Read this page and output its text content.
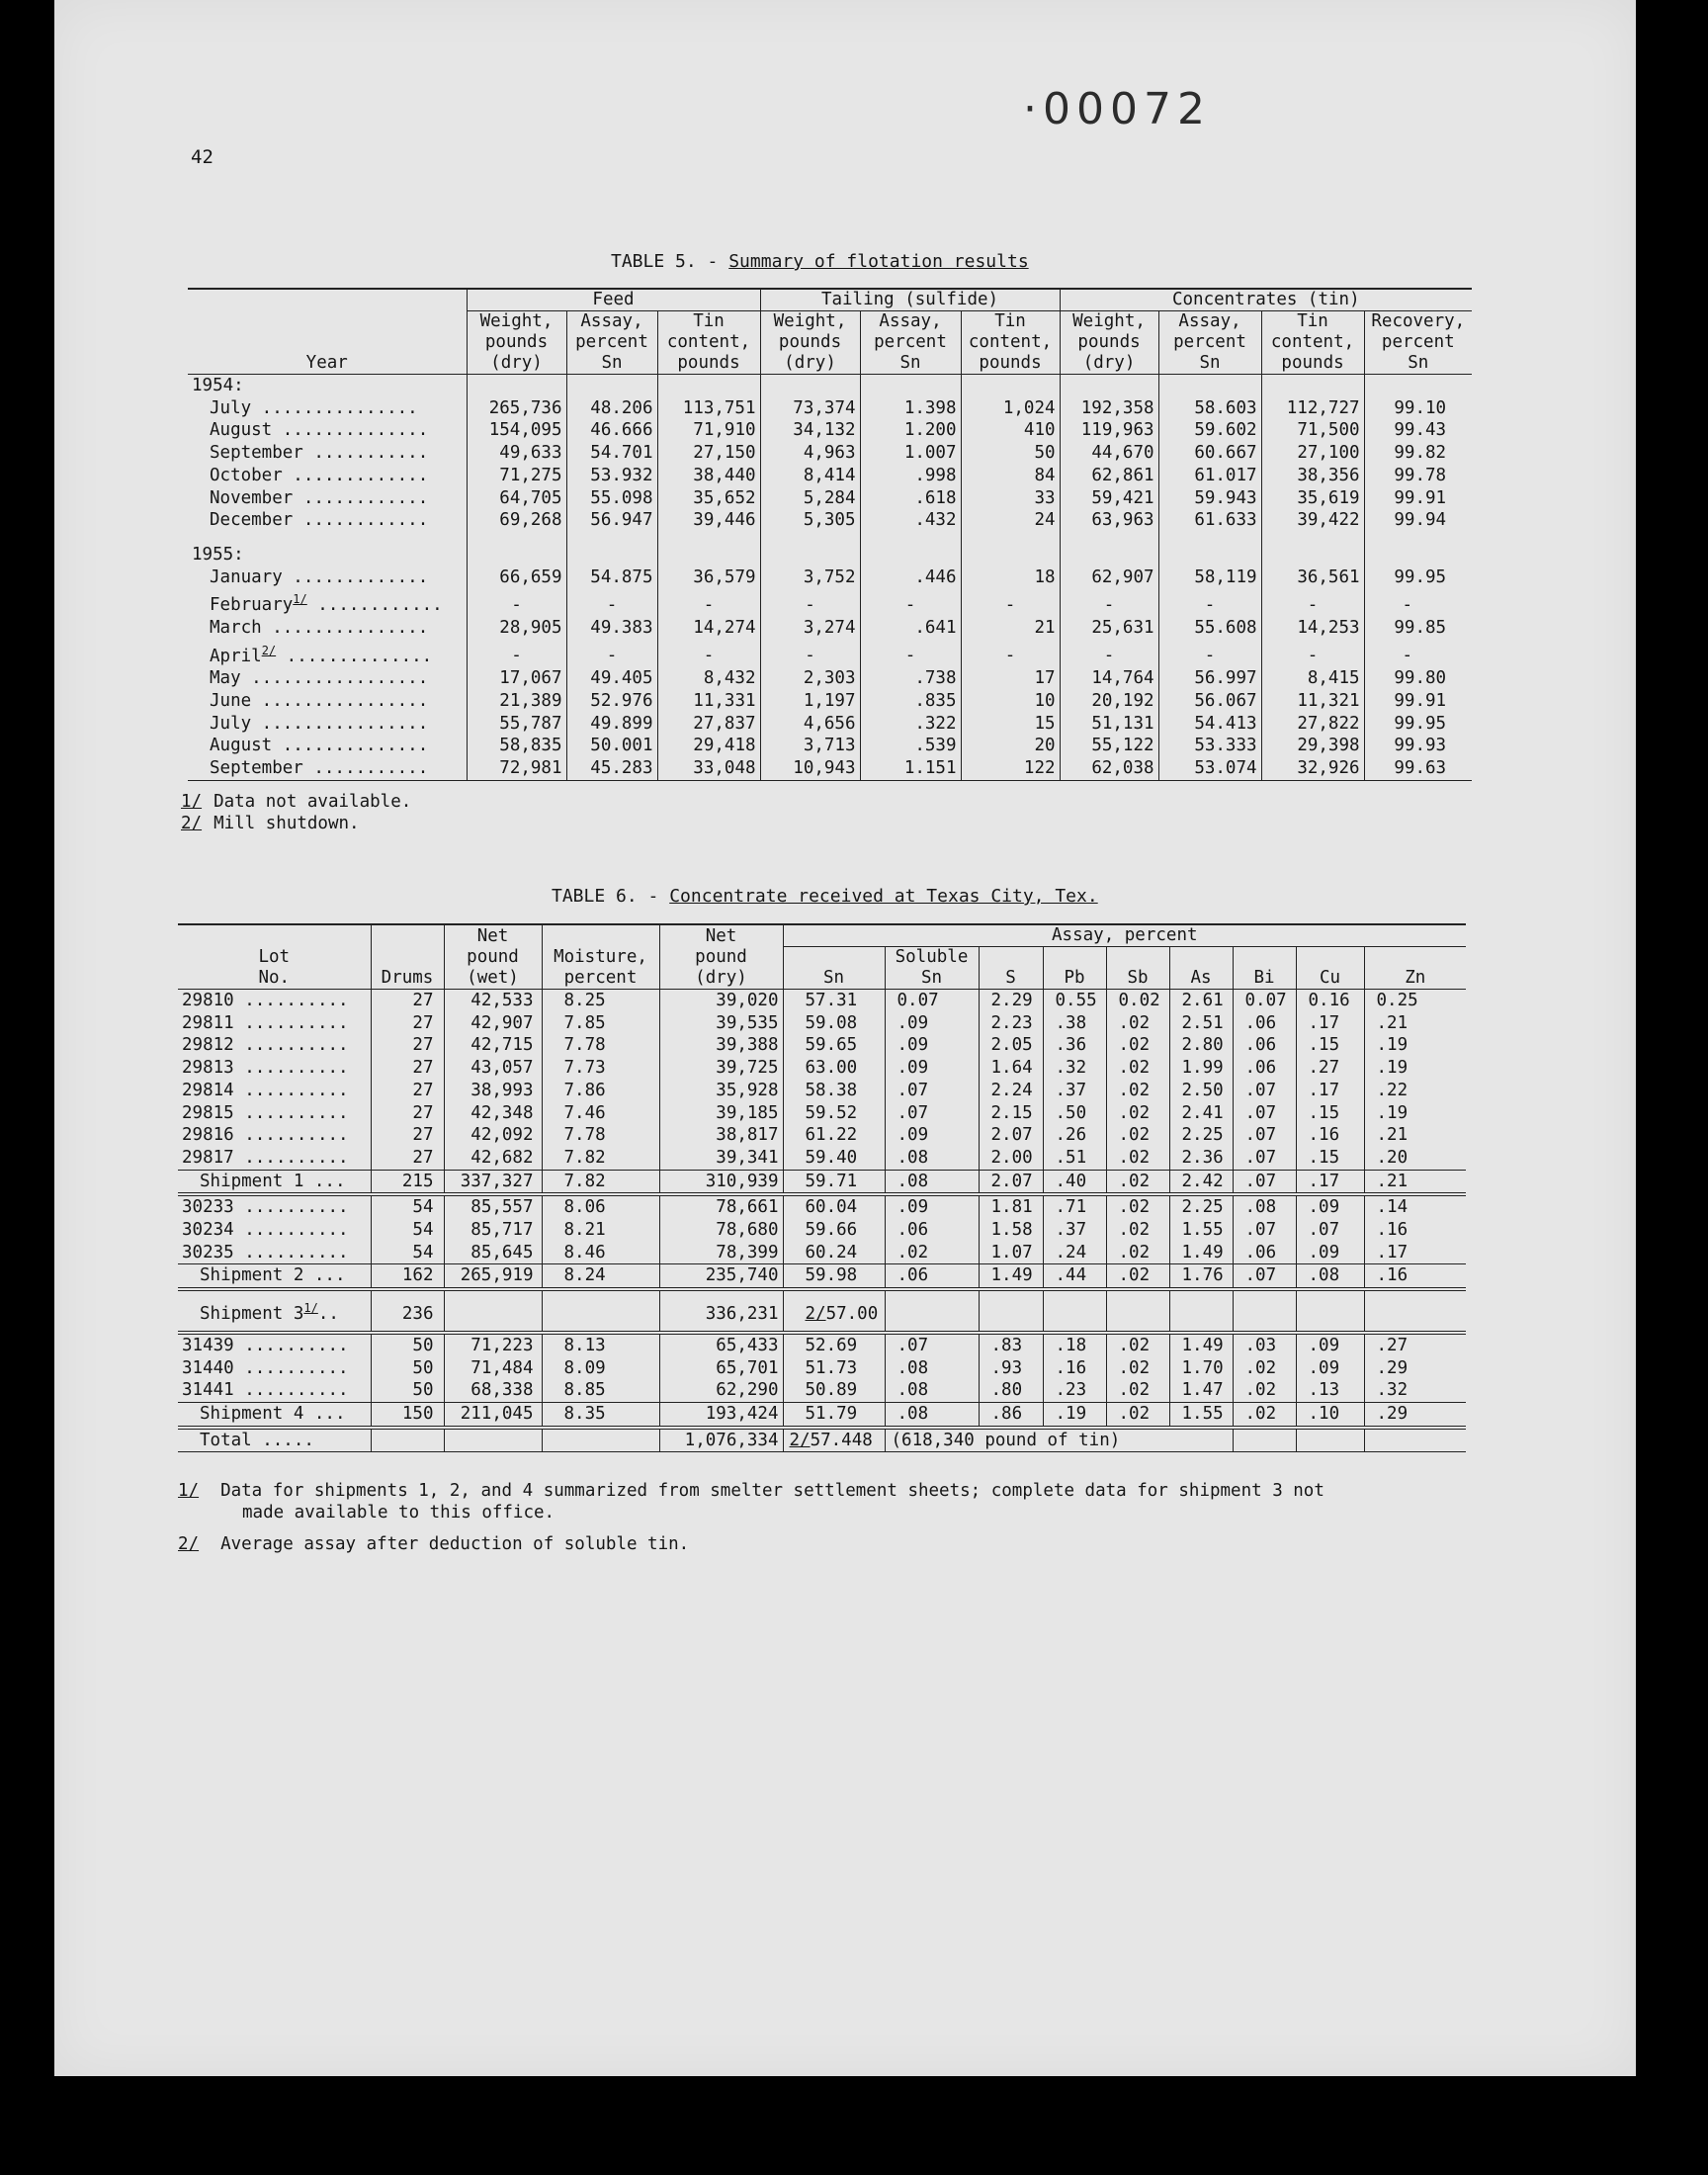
·00072
42
TABLE 5. - Summary of flotation results
	Feed			Tailing (sulfide)			Concentrates (tin)			
	Weight,	Assay,	Tin	Weight,	Assay,	Tin	Weight,	Assay,	Tin	Recovery,
	pounds	percent	content,	pounds	percent	content,	pounds	percent	content,	percent
Year	(dry)	Sn	pounds	(dry)	Sn	pounds	(dry)	Sn	pounds	Sn
1954:										
July ...............	265,736	48.206	113,751	73,374	1.398	1,024	192,358	58.603	112,727	99.10
August ..............	154,095	46.666	71,910	34,132	1.200	410	119,963	59.602	71,500	99.43
September ...........	49,633	54.701	27,150	4,963	1.007	50	44,670	60.667	27,100	99.82
October .............	71,275	53.932	38,440	8,414	.998	84	62,861	61.017	38,356	99.78
November ............	64,705	55.098	35,652	5,284	.618	33	59,421	59.943	35,619	99.91
December ............	69,268	56.947	39,446	5,305	.432	24	63,963	61.633	39,422	99.94

1955:										
January .............	66,659	54.875	36,579	3,752	.446	18	62,907	58,119	36,561	99.95
February$^{1/}$ ............	-	-	-	-	-	-	-	-	-	-
March ...............	28,905	49.383	14,274	3,274	.641	21	25,631	55.608	14,253	99.85
April$^{2/}$ ..............	-	-	-	-	-	-	-	-	-	-
May .................	17,067	49.405	8,432	2,303	.738	17	14,764	56.997	8,415	99.80
June ................	21,389	52.976	11,331	1,197	.835	10	20,192	56.067	11,321	99.91
July ................	55,787	49.899	27,837	4,656	.322	15	51,131	54.413	27,822	99.95
August ..............	58,835	50.001	29,418	3,713	.539	20	55,122	53.333	29,398	99.93
September ...........	72,981	45.283	33,048	10,943	1.151	122	62,038	53.074	32,926	99.63
1/ Data not available.
2/ Mill shutdown.
TABLE 6. - Concentrate received at Texas City, Tex.
		Net		Net	Assay, percent								
Lot		pound	Moisture,	pound		Soluble							
No.	Drums	(wet)	percent	(dry)	Sn	Sn	S	Pb	Sb	As	Bi	Cu	Zn
29810 ..........	27	42,533	8.25	39,020	57.31	0.07	2.29	0.55	0.02	2.61	0.07	0.16	0.25
29811 ..........	27	42,907	7.85	39,535	59.08	.09	2.23	.38	.02	2.51	.06	.17	.21
29812 ..........	27	42,715	7.78	39,388	59.65	.09	2.05	.36	.02	2.80	.06	.15	.19
29813 ..........	27	43,057	7.73	39,725	63.00	.09	1.64	.32	.02	1.99	.06	.27	.19
29814 ..........	27	38,993	7.86	35,928	58.38	.07	2.24	.37	.02	2.50	.07	.17	.22
29815 ..........	27	42,348	7.46	39,185	59.52	.07	2.15	.50	.02	2.41	.07	.15	.19
29816 ..........	27	42,092	7.78	38,817	61.22	.09	2.07	.26	.02	2.25	.07	.16	.21
29817 ..........	27	42,682	7.82	39,341	59.40	.08	2.00	.51	.02	2.36	.07	.15	.20
Shipment 1 ...	215	337,327	7.82	310,939	59.71	.08	2.07	.40	.02	2.42	.07	.17	.21
30233 ..........	54	85,557	8.06	78,661	60.04	.09	1.81	.71	.02	2.25	.08	.09	.14
30234 ..........	54	85,717	8.21	78,680	59.66	.06	1.58	.37	.02	1.55	.07	.07	.16
30235 ..........	54	85,645	8.46	78,399	60.24	.02	1.07	.24	.02	1.49	.06	.09	.17
Shipment 2 ...	162	265,919	8.24	235,740	59.98	.06	1.49	.44	.02	1.76	.07	.08	.16
Shipment $3^{1/}$..	236			336,231	2/57.00								
31439 ..........	50	71,223	8.13	65,433	52.69	.07	.83	.18	.02	1.49	.03	.09	.27
31440 ..........	50	71,484	8.09	65,701	51.73	.08	.93	.16	.02	1.70	.02	.09	.29
31441 ..........	50	68,338	8.85	62,290	50.89	.08	.80	.23	.02	1.47	.02	.13	.32
Shipment 4 ...	150	211,045	8.35	193,424	51.79	.08	.86	.19	.02	1.55	.02	.10	.29
Total .....				1,076,334	2/57.448	(618,340 pound of tin)							
1/ Data for shipments 1, 2, and 4 summarized from smelter settlement sheets; complete data for shipment 3 not
made available to this office.
2/ Average assay after deduction of soluble tin.
